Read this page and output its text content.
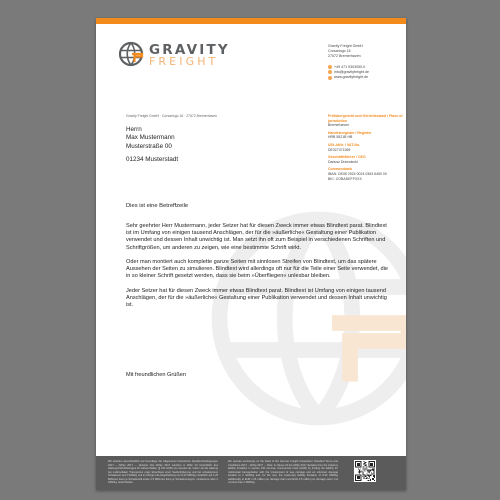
GRAVITY
FREIGHT
Gravity Freight GmbH
Corsariogo 16
27572 Bremerhaven
+49 471 9303050-0
info@gravityfreight.de
www.gravityfreight.de
Gravity Freight GmbH · Corsariogo 16 · 27572 Bremerhaven	Prüfobergericht und Gerichtsstand / Place of jurisdiction
Bremerhaven
Handelsregister / Register
HRB 5521B HB
USt.-IdNr. / VAT-No.
DE327471369
Geschäftsführer / CEO
Dariusz Drzewiecki
Commerzbank
IBAN: DE08 2924 0024 0363 6450 00
BIC: COBADEFFXXX
Herrn
Max Mustermann
Musterstraße 00
01234 Musterstadt
Dies ist eine Betreffzeile

Sehr geehrter Herr Mustermann, jeder Setzer hat für diesen Zweck immer etwas Blindtext parat. Blindtext ist im Umfang von einigen tausend Anschlägen, der für die »äußerliche« Gestaltung einer Publikation verwendet und dessen Inhalt unwichtig ist. Man setzt ihn oft zum Beispiel in verschiedenen Schriften und Schriftgrößen, um anderen zu zeigen, wie eine bestimmte Schrift wirkt.

Oder man montiert auch komplette ganze Seiten mit sinnlosen Streifen von Blindtext, um das spätere Aussehen der Seiten zu simulieren. Blindtext wird allerdings oft nur für die Teile einer Seite verwendet, die in so kleiner Schrift gesetzt werden, dass sie beim »Überfliegen« unlesbar bleiben.

Jeder Setzer hat für diesen Zweck immer etwas Blindtext parat. Blindtext ist Umfang von einigen tausend Anschlägen, der für die »äußerliche« Gestaltung einer Publikation verwendet und dessen Inhalt unwichtig ist.

Mit freundlichen Grüßen
Wir arbeiten ausschließlich auf Grundlage der Allgemeinen Deutschen Spediteurbedingungen 2017 – ADSp 2017 –. Hinweis: Die ADSp 2017 weichen in Ziffer 23 hinsichtlich des Haftungshöchstbetrages für Güterschäden (§ 431 HGB) vom Gesetz ab, indem sie die Haftung bei multimodalen Transporten unter Einschluss einer Seebeförderung und bei unbekanntem Schadenort auf 2 SZR/kg und im Übrigen die Regelhaftung von 8,33 SZR/kg zusätzlich auf 1,25 Millionen Euro je Schadenfall sowie 2,5 Millionen Euro je Schadenereignis, mindestens aber 2 SZR/kg, beschränken.
We operate exclusively on the basis of the German Freight Forwarders' Standard Terms and Conditions 2017 – ADSp 2017 –. Note: In clause 23 the ADSp 2017 deviates from the statutory liability limitation in section 431 German Commercial Code (HGB) by limiting the liability for multimodal transportation with the involvement of sea carriage and an unknown damage location to 2 SDR/kg and, for the rest, the customary liability limitation of 8.33 SDR/kg additionally to EUR 1.25 million per damage claim and EUR 2.5 million per damage event, but not less than 2 SDR/kg.
